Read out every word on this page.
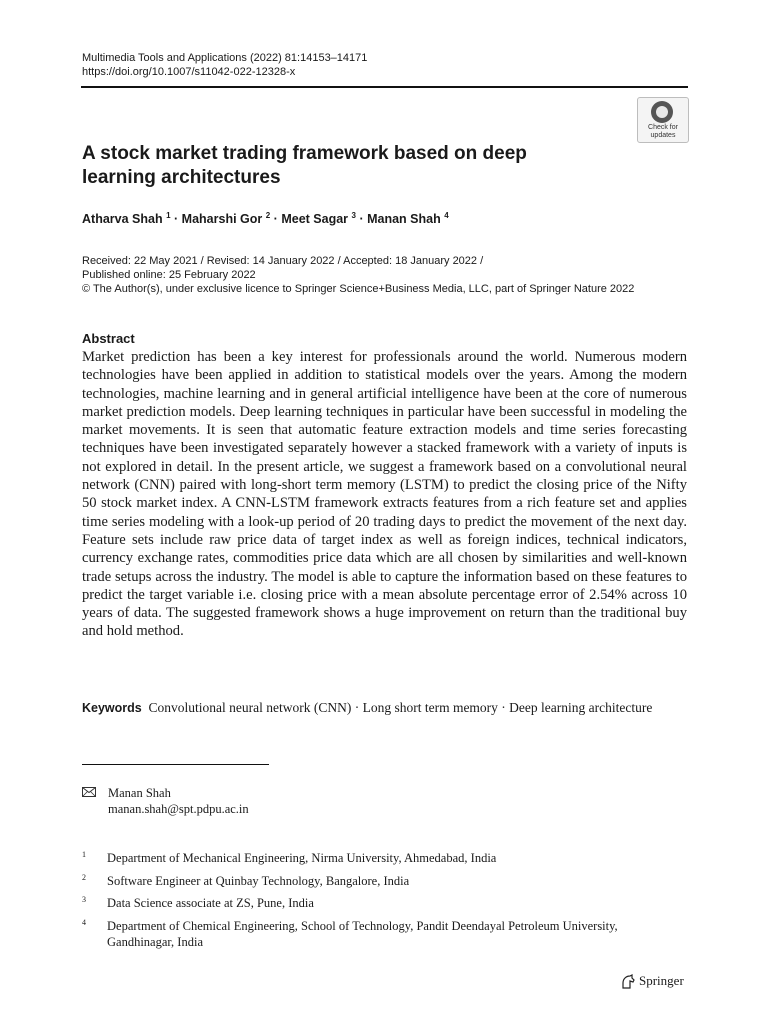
Multimedia Tools and Applications (2022) 81:14153–14171
https://doi.org/10.1007/s11042-022-12328-x
Check for
updates
A stock market trading framework based on deep learning architectures
Atharva Shah $^1$ · Maharshi Gor $^2$ · Meet Sagar $^3$ · Manan Shah $^4$
Received: 22 May 2021 / Revised: 14 January 2022 / Accepted: 18 January 2022 /
Published online: 25 February 2022
© The Author(s), under exclusive licence to Springer Science+Business Media, LLC, part of Springer Nature 2022
Abstract
Market prediction has been a key interest for professionals around the world. Numerous modern technologies have been applied in addition to statistical models over the years. Among the modern technologies, machine learning and in general artificial intelligence have been at the core of numerous market prediction models. Deep learning techniques in particular have been successful in modeling the market movements. It is seen that automatic feature extraction models and time series forecasting techniques have been investigated separately however a stacked framework with a variety of inputs is not explored in detail. In the present article, we suggest a framework based on a convolutional neural network (CNN) paired with long-short term memory (LSTM) to predict the closing price of the Nifty 50 stock market index. A CNN-LSTM framework extracts features from a rich feature set and applies time series modeling with a look-up period of 20 trading days to predict the movement of the next day. Feature sets include raw price data of target index as well as foreign indices, technical indicators, currency exchange rates, commodities price data which are all chosen by similarities and well-known trade setups across the industry. The model is able to capture the information based on these features to predict the target variable i.e. closing price with a mean absolute percentage error of 2.54% across 10 years of data. The suggested framework shows a huge improvement on return than the traditional buy and hold method.
Keywords Convolutional neural network (CNN) · Long short term memory · Deep learning architecture
Manan Shah
manan.shah@spt.pdpu.ac.in
1 Department of Mechanical Engineering, Nirma University, Ahmedabad, India
2 Software Engineer at Quinbay Technology, Bangalore, India
3 Data Science associate at ZS, Pune, India
4 Department of Chemical Engineering, School of Technology, Pandit Deendayal Petroleum University, Gandhinagar, India
Springer
